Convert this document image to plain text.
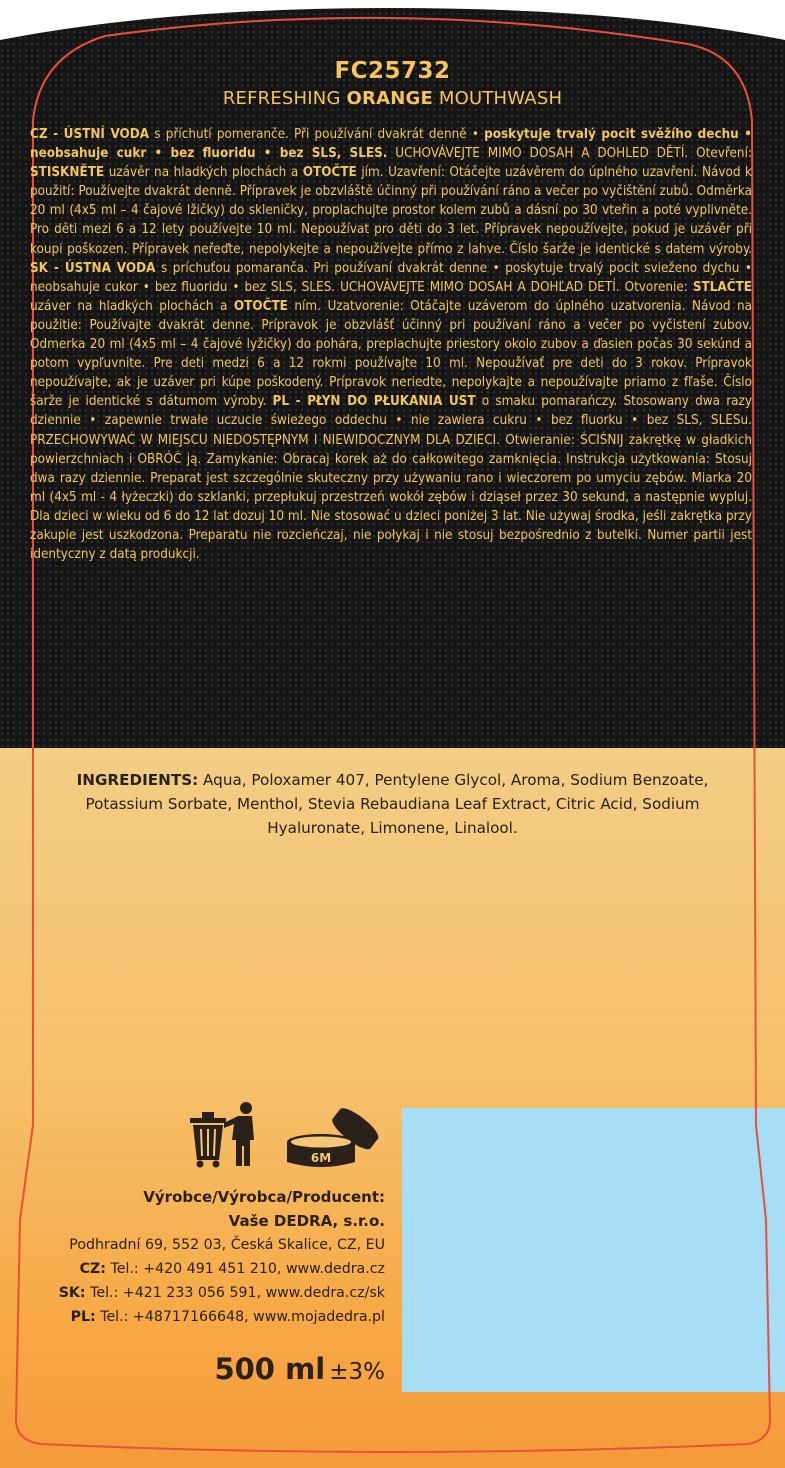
FC25732
REFRESHING ORANGE MOUTHWASH
CZ - ÚSTNÍ VODA s příchutí pomeranče. Při používání dvakrát denně • poskytuje trvalý pocit svěžího dechu • neobsahuje cukr • bez fluoridu • bez SLS, SLES. UCHOVÁVEJTE MIMO DOSAH A DOHLED DĚTÍ. Otevření: STISKNĚTE uzávěr na hladkých plochách a OTOČTE jím. Uzavření: Otáčejte uzávěrem do úplného uzavření. Návod k použití: Používejte dvakrát denně. Přípravek je obzvláště účinný při používání ráno a večer po vyčištění zubů. Odměrka 20 ml (4x5 ml – 4 čajové lžičky) do skleničky, proplachujte prostor kolem zubů a dásní po 30 vteřin a poté vyplivněte. Pro děti mezi 6 a 12 lety používejte 10 ml. Nepoužívat pro děti do 3 let. Přípravek nepoužívejte, pokud je uzávěr při koupi poškozen. Přípravek neřeďte, nepolykejte a nepoužívejte přímo z lahve. Číslo šarže je identické s datem výroby. SK - ÚSTNA VODA s príchuťou pomaranča. Pri používaní dvakrát denne • poskytuje trvalý pocit svieženo dychu • neobsahuje cukor • bez fluoridu • bez SLS, SLES. UCHOVÁVEJTE MIMO DOSAH A DOHĽAD DETÍ. Otvorenie: STLAČTE uzáver na hladkých plochách a OTOČTE ním. Uzatvorenie: Otáčajte uzáverom do úplného uzatvorenia. Návod na použitie: Používajte dvakrát denne. Prípravok je obzvlášť účinný pri používaní ráno a večer po vyčistení zubov. Odmerka 20 ml (4x5 ml – 4 čajové lyžičky) do pohára, preplachujte priestory okolo zubov a ďasien počas 30 sekúnd a potom vypľuvnite. Pre deti medzi 6 a 12 rokmi používajte 10 ml. Nepoužívať pre deti do 3 rokov. Prípravok nepoužívajte, ak je uzáver pri kúpe poškodený. Prípravok neriedte, nepolykajte a nepoužívajte priamo z fľaše. Číslo šarže je identické s dátumom výroby. PL - PŁYN DO PŁUKANIA UST o smaku pomarańczy. Stosowany dwa razy dziennie • zapewnie trwałe uczucie świeżego oddechu • nie zawiera cukru • bez fluorku • bez SLS, SLESu. PRZECHOWYWAĆ W MIEJSCU NIEDOSTĘPNYM I NIEWIDOCZNYM DLA DZIECI. Otwieranie: ŚCIŚNIJ zakrętkę w gładkich powierzchniach i OBRÓĆ ją. Zamykanie: Obracaj korek aż do całkowitego zamknięcia. Instrukcja użytkowania: Stosuj dwa razy dziennie. Preparat jest szczególnie skuteczny przy używaniu rano i wieczorem po umyciu zębów. Miarka 20 ml (4x5 ml - 4 łyżeczki) do szklanki, przepłukuj przestrzeń wokół zębów i dziąseł przez 30 sekund, a następnie wypluj. Dla dzieci w wieku od 6 do 12 lat dozuj 10 ml. Nie stosować u dzieci poniżej 3 lat. Nie używaj środka, jeśli zakrętka przy zakupie jest uszkodzona. Preparatu nie rozcieńczaj, nie połykaj i nie stosuj bezpośrednio z butelki. Numer partii jest identyczny z datą produkcji.
INGREDIENTS: Aqua, Poloxamer 407, Pentylene Glycol, Aroma, Sodium Benzoate, Potassium Sorbate, Menthol, Stevia Rebaudiana Leaf Extract, Citric Acid, Sodium Hyaluronate, Limonene, Linalool.
6M
Výrobce/Výrobca/Producent:
Vaše DEDRA, s.r.o.
Podhradní 69, 552 03, Česká Skalice, CZ, EU
CZ: Tel.: +420 491 451 210, www.dedra.cz
SK: Tel.: +421 233 056 591, www.dedra.cz/sk
PL: Tel.: +48717166648, www.mojadedra.pl
500 ml ±3%
